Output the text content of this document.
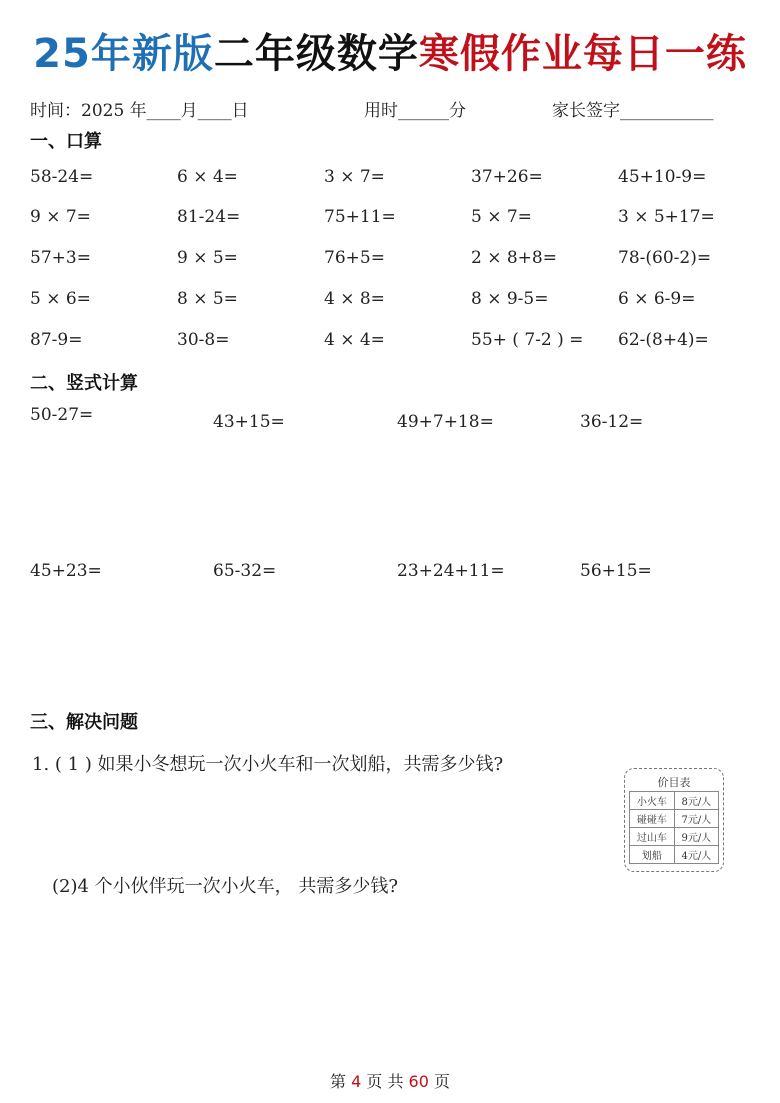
25年新版二年级数学寒假作业每日一练
时间：2025 年____月____日	用时______分	家长签字___________
一、口算
58-24=	6 × 4=	3 × 7=	37+26=	45+10-9=
9 × 7=	81-24=	75+11=	5 × 7=	3 × 5+17=
57+3=	9 × 5=	76+5=	2 × 8+8=	78-(60-2)=
5 × 6=	8 × 5=	4 × 8=	8 × 9-5=	6 × 6-9=
87-9=	30-8=	4 × 4=	55+ ( 7-2 ) = 62-(8+4)=
二、竖式计算
50-27=	43+15=	49+7+18=	36-12=
45+23=	65-32=	23+24+11=	56+15=
三、解决问题
1. ( 1 ) 如果小冬想玩一次小火车和一次划船，共需多少钱?
价目表	
小火车	8元/人
碰碰车	7元/人
过山车	9元/人
划船	4元/人
(2)4 个小伙伴玩一次小火车， 共需多少钱?
第 4 页 共 60 页
